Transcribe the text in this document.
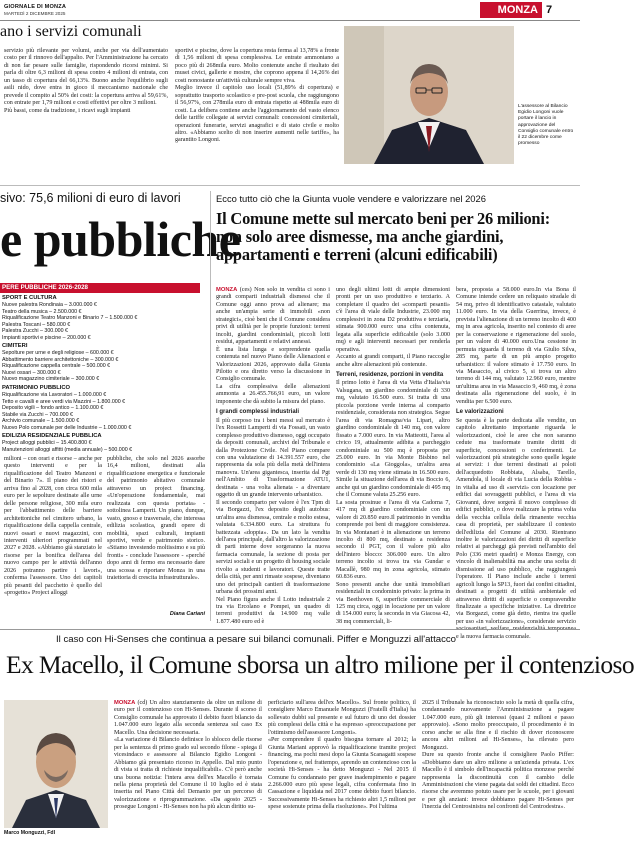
GIORNALE DI MONZA
MARTEDÌ 2 DICEMBRE 2025	MONZA 7
ano i servizi comunali
servizio più rilevante per volumi, anche per via dell'aumentato costo per il rinnovo dell'appalto. Per l'Amministrazione ha cercato di non far pesare sulle famiglie, rispondendo ricorsi minimi. Si parla di oltre 6,3 milioni di spesa contro 4 milioni di entrata, con un tasso di copertura del 66,13%. Buono anche l'equilibrio sugli asili nido, dove entra in gioco il meccanismo nazionale che prevede il compito al 50% dei costi: la copertura arriva al 59,61%, con entrate per 1,79 milioni e costi effettivi per oltre 3 milioni.
Più bassi, come da tradizione, i ricavi sugli impianti
sportivi e piscine, dove la copertura resta ferma al 13,78% a fronte di 1,56 milioni di spesa complessiva. Le entrate ammontano a poco più di 268mila euro. Molto contenute anche il risultato dei musei civici, gallerie e mostre, che coprono appena il 14,26% dei costi nonostante un'attività culturale sempre viva.
Meglio invece il capitolo uso locali (51,89% di copertura) e soprattutto trasporto scolastico e pre-post scuola, che raggiungono il 56,97%, con 278mila euro di entrata rispetto ai 488mila euro di costi. La delibera contiene anche l'aggiornamento del vasto elenco delle tariffe collegate ai servizi comunali: concessioni cimiteriali, operazioni funerarie, servizi anagrafici e di stato civile e molto altro. «Abbiamo scelto di non inserire aumenti nelle tariffe», ha garantito Longoni.
L'assessore al Bilancio Egidio Longoni vuole portare il lancio in approvazione del Consiglio comunale entro il 22 dicembre come promesso
sivo: 75,6 milioni di euro di lavori
e pubbliche
PERE PUBBLICHE 2026-2028
SPORT E CULTURA
Nuove palestra Rondinaia – 3.000.000 €
Teatro della musica – 2.500.000 €
Riqualificazione Teatro Manzoni e Binario 7 – 1.500.000 €
Palestra Toscani – 580.000 €
Palestra Zucchi – 300.000 €
Impianti sportivi e piscine – 200.000 €
CIMITERI
Sepolture per urne e degli religiose – 600.000 €
Abbattimento barriere architettoniche – 300.000 €
Riqualificazione cappella centrale – 500.000 €
Nuovi ossari – 300.000 €
Nuovo magazzino cimiteriale – 300.000 €
PATRIMONIO PUBBLICO
Riqualificazione via Lavoratori – 1.000.000 €
Tetto e cavalli e aree verdi via Mazzini – 1.800.000 €
Deposito vigili – fondo antico – 1.100.000 €
Stabile via Zucchi – 700.000 €
Archivio comunale – 1.500.000 €
Nuovo Polo comunale per delle Industrie – 1.000.000 €
EDILIZIA RESIDENZIALE PUBBLICA
Project alloggi pubblici – 15.400.800 €
Manutenzioni alloggi affitti (media annuale) – 500.000 €
milioni – con orari e risorse – anche per questo interventi e per la riqualificazione del Teatro Manzoni e del Binario 7». Il piano dei ristori e arriva fino al 2028, con circa 600 mila euro per le sepolture destinate alle urne delle persone religiose, 300 mila euro per l'abbattimento delle barriere architettoniche nel cimitero urbano, la riqualificazione della cappella centrale, nuovi ossari e nuovi magazzini, con interventi ulteriori programmati nel 2027 e 2028. «Abbiamo già stanziato le risorse per la bonifica dell'area del nuovo campo per le attività dell'anno 2026 potranno partire i lavori», conferma l'assessore. Uno dei capitoli più pesanti del pacchetto è quello del «progetto» Project alloggi
pubbliche, che solo nel 2026 assorbe 16,4 milioni, destinati alla riqualificazione energetica e funzionale del patrimonio abitativo comunale attraverso un project financing. «Un'operazione fondamentale, mai realizzata con questa portata» - sottolinea Lamperti. Un piano, dunque, vasto, gnoso e trasversale, che interessa edilizia scolastica, grandi opere di mobilità, spazi culturali, impianti sportivi, verde e patrimonio storico. «Stiamo investendo moltissimo e su più fronti» - conclude l'assessore - «perché dopo anni di fermo era necessario dare una scossa e riportare Monza in una traiettoria di crescita infrastrutturale».
Diana Cariani
Ecco tutto ciò che la Giunta vuole vendere e valorizzare nel 2026
Il Comune mette sul mercato beni per 26 milioni: non solo aree dismesse, ma anche giardini, appartamenti e terreni (alcuni edificabili)
MONZA (ces) Non solo in vendita ci sono i grandi comparti industriali dismessi che il Comune oggi anno prova ad alienare; ma anche un'ampia serie di immobili «non strategici», cioè beni che il Comune considera privi di utilità per le proprie funzioni: terreni incolti, giardini condominiali, piccoli lotti residui, appartamenti e relativi annessi.
È una lista lunga e sorprendente quella contenuta nel nuovo Piano delle Alienazioni e Valorizzazioni 2026, approvato dalla Giunta Pilotto e ora diretto verso la discussione in Consiglio comunale.
La cifra complessiva delle alienazioni ammonta a 26.455.766,91 euro, un valore imponente che dà subito la misura del piano.
I grandi complessi industriali
Il più corposo tra i beni messi sul mercato è l'ex Rossetti Lamperti di via Fossati, un vasto complesso produttivo dismesso, oggi occupato da depositi comunali, archivi del Tribunale e dalla Protezione Civile. Nel Piano compare con una valutazione di 14.391.557 euro, che rappresenta da sola più della metà dell'intera manovra. Un'area gigantesca, inserita dal Pgt nell'Ambito di Trasformazione ATU1, destinata - una volta alienata - a diventare oggetto di un grande intervento urbanistico.
Il secondo comparto per valore è l'ex Tpm di via Borgazzi, l'ex deposito degli autobus: un'altra area dismessa, centrale e molto estesa, valutata 6.334.800 euro. La struttura fu battezzata «doppia». Da un lato la vendita dell'area principale, dall'altro la valorizzazione di parti interne dove sorgeranno la nuova farmacia comunale, la sezione di posta per servizi sociali e un progetto di housing sociale rivolto a studenti e lavoratori. Queste tratte della città, per anni rimaste sospese, diventano uno dei principali cantieri di trasformazione urbana dei prossimi anni.
Nel Piano figura anche il Lotto industriale 2 tra via Ercolano e Pompei, un quadro di terreni produttivi da 14.900 mq valle 1.877.480 euro ed è
uno degli ultimi lotti di ampie dimensioni pronti per un uso produttivo e terziario. A completare il quadro dei «comparti pesanti» c'è l'area di viale delle Industrie, 23.000 mq complessivi in zona D2 produttiva e terziaria, stimata 900.000 euro: una cifra contenuta, legata alla superficie edificabile (solo 3.000 mq) e agli interventi necessari per renderla operativa.
Accanto ai grandi comparti, il Piano raccoglie anche altre alienazioni più contenute.
Terreni, residenze, porzioni in vendita
Il primo lotto è l'area di via Vetta d'Italia/via Valsugana, un giardino condominiale di 330 mq, valutato 16.500 euro. Si tratta di una piccola porzione verde interna al comparto residenziale, considerata non strategica. Segue l'area di via Romagna/via Lipari, altro giardino condominiale di 140 mq, con valore fissato a 7.000 euro. In via Matteotti, l'area al civico 19, attualmente adibita a parcheggio condominiale su 500 mq è proposta per 25.000 euro. In via Monte Bisbino nel condominio «La Gioggola», un'altra area verde di 130 mq viene stimata in 16.500 euro. Simile la situazione dell'area di via Boccio 6, anche qui un giardino condominiale di 495 mq che il Comune valuta 25.256 euro.
La sosta prosinue e l'area di via Cadorna 7, 417 mq di giardino condominiale con un valore di 20.850 euro.Il patrimonio in vendita comprende poi beni di maggiore consistenza. In via Montanari è in alienazione un terreno incolto di 800 mq, destinato a residenza secondo il PGT, con il valore più alto dell'intero blocco: 306.000 euro. Un altro terreno incolto si trova tra via Gundar e Macallè, 980 mq in zona agricola, stimato 60.836 euro.
Sono presenti anche due unità immobiliari residenziali in condominio privato: la prima in via Beethoven 6, superficie commerciale di 125 mq circa, oggi in locazione per un valore di 154.000 euro; la seconda in via Giacosa 42, 38 mq commerciali, li-
bera, proposta a 58.000 euro.In via Bona il Comune intende cedere un reliquato stradale di 54 mq, privo di identificativo catastale, valutato 11.000 euro. In via della Guerrina, invece, è prevista l'alienazione di un terreno incolto di 400 mq in area agricola, inserito nel contesto di aree per la conservazione e rigenerazione del suolo, per un valore di 40.000 euro.Una cessione in permuta riguarda il terreno di via Giulio Silva, 285 mq, parte di un più ampio progetto urbanistico: il valore stimato è 17.750 euro. In via Masaccio, al civico 5, si trova un altro terreno di 144 mq, valutato 12.960 euro, mentre un'ultima area in via Masaccio 9, 460 mq, è zona destinata alla rigenerazione del suolo, è in vendita per 6.500 euro.
Le valorizzazioni
Se questa è la parte dedicata alle vendite, un capitolo altrettanto importante riguarda le valorizzazioni, cioè le aree che non saranno cedute ma trasformate tramite diritti di superficie, concessioni o conferimenti. Le valorizzazioni più strategiche sono quelle legate ai servizi: i due terreni destinati ai poloii dell'acquedotto Robbiata, Alsaba, Tarello, Amendola, il locale di via Lucia della Robbia - in vitalia ad uso di «servizi» con locazione per edifici dai sovraggetti pubblici, e l'area di via Giovanni, dove sorgerà il nuovo complesso di edifici pubblici, o dove realizzare la prima volta della vecchia cellula della rimanente vecchia casa di proprietà, per stabilizzare il contesto dell'edilizia del Comune al 2030. Rientrano inoltre le valorizzazioni dei diritti di superficie relativi ai parcheggi già previsti nell'ambito del Polo (336 metri quadri) e Monza Energy, con vincolo di inalienabilità ma anche una scelta di dismissione ad uso pubblico, che raggiungerà l'operatore. Il Piano include anche i terreni agricoli lungo la SP13, fuori dai confini cittadini, destinati a progetti di utilità ambientale ed attraverso diritti di superficie o compravendite finalizzate a specifiche iniziative. La direttrice via Borgazzi, come già detto, rientra tra quelle per uso «in valorizzazione», considerate servizio e la nuova farmacia comunale.
Il caso con Hi-Senses che continua a pesare sui bilanci comunali. Piffer e Monguzzi all'attacco
Ex Macello, il Comune sborsa un altro milione per il contenzioso
Marco Monguzzi, Fdl
MONZA (cd) Un altro stanziamento da oltre un milione di euro per il contenzioso con Hi-Senses. Durante il scorso il Consiglio comunale ha approvato il debito fuori bilancio da 1.047.000 euro legato alla seconda sentenza sul caso Ex Macello. Una decisione necessaria.
«La variazione di Bilancio definisce lo sblocco delle risorse per la sentenza di primo grado sul secondo filone - spiega il vicesindaco e assessore al Bilancio Egidio Longoni - Abbiamo già presentato ricorso in Appello. Dal mio punto di vista si tratta di richieste inqualificabili». C'è però anche una buona notizia: l'intera area dell'ex Macello è tornata nella piena proprietà del Comune il 10 luglio ed è stata inserita nel Piano Città del Demanio per un percorso di valorizzazione e riprogrammazione. «Da agosto 2025 - prosegue Longoni - Hi-Senses non ha più alcun diritto su-
perficiario sull'area dell'ex Macello». Sul fronte politico, il consigliere Marco Emanuele Monguzzi (Fratelli d'Italia) ha sollevato dubbi sul presente e sul futuro di uno dei dossier più complessi della città e ha espresso «preoccupazione per l'ottimismo dell'assessore Longoni».
«Per comprendere il quadro bisogna tornare al 2012; la Giunta Mariani approvò la riqualificazione tramite project financing, ma pochi mesi dopo la Giunta Scanagatti sospese l'operazione e, nel frattempo, aprendo un contenzioso con la società Hi-Senses - ha detto Monguzzi - Nel 2015 il Comune fu condannato per grave inadempimento e pagare 2.266.000 euro più spese legali, cifra confermata fino in Cassazione e liquidata nel 2017 come debito fuori bilancio. Successivamente Hi-Senses ha richiesto altri 1,5 milioni per spese sostenute prima della risoluzione». Poi l'ultima
2025 il Tribunale ha riconosciuto solo la metà di quella cifra, condannando nuovamente l'Amministrazione a pagare 1.047.000 euro, più gli interessi (quasi 2 milioni e passo approvato). «Sono molto preoccupato, il procedimento è in corso anche se alla fine e il rischio di dover riconoscere ancora altri milioni ad Hi-Senses», ha rilevato pero Monguzzi.
Dure su questo fronte anche il consigliere Paolo Piffer: «Dobbiamo dare un altro milione a un'azienda privata. L'ex Macello è il simbolo dell'incapacità politica monzese perché rappresenta la discontinuità con il cambio delle Amministrazioni che viene pagata dai soldi dei cittadini. Ecco risorse che avremmo potuto usare per le scuole, per i giovani e per gli anziani: invece dobbiamo pagare Hi-Senses per l'inerzia del Centrosinistra nel confronti del Centrodestra».
